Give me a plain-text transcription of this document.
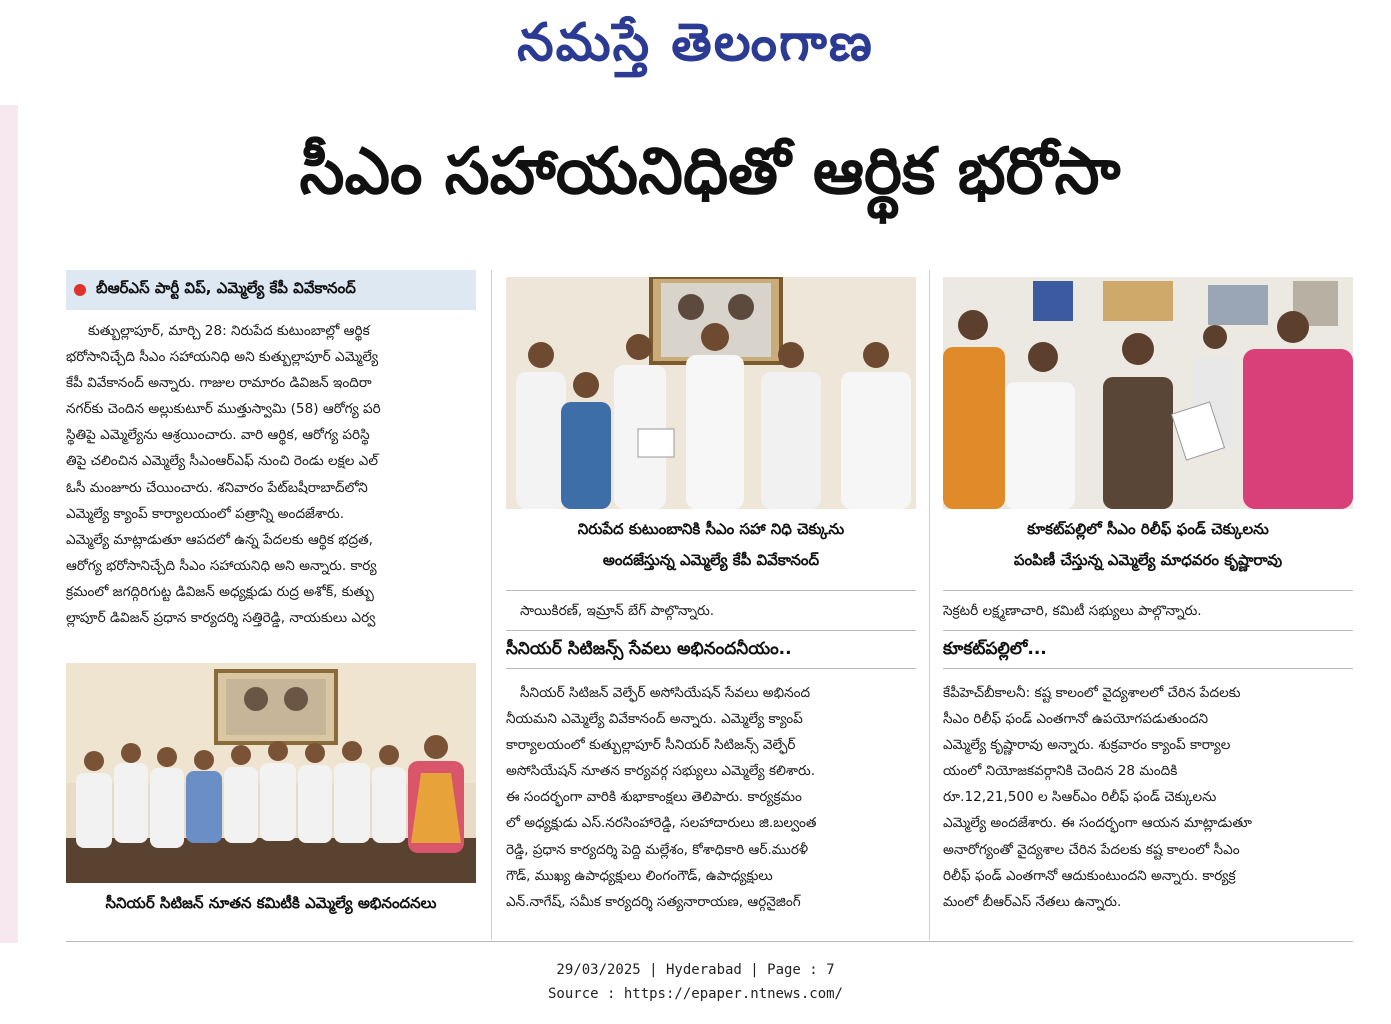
నమస్తే తెలంగాణ
సీఎం సహాయనిధితో ఆర్థిక భరోసా
బీఆర్ఎస్ పార్టీ విప్, ఎమ్మెల్యే కేపీ వివేకానంద్
కుత్బుల్లాపూర్, మార్చి 28: నిరుపేద కుటుంబాల్లో ఆర్థిక
భరోసానిచ్చేది సీఎం సహాయనిధి అని కుత్బుల్లాపూర్ ఎమ్మెల్యే
కేపీ వివేకానంద్ అన్నారు. గాజుల రామారం డివిజన్ ఇందిరా
నగర్‌కు చెందిన అల్లుకుటూర్ ముత్తుస్వామి (58) ఆరోగ్య పరి
స్థితిపై ఎమ్మెల్యేను ఆశ్రయించారు. వారి ఆర్థిక, ఆరోగ్య పరిస్థి
తిపై చలించిన ఎమ్మెల్యే సీఎంఆర్ఎఫ్ నుంచి రెండు లక్షల ఎల్
ఓసీ మంజూరు చేయించారు. శనివారం పేట్‌బషీరాబాద్‌లోని
ఎమ్మెల్యే క్యాంప్ కార్యాలయంలో పత్రాన్ని అందజేశారు.
ఎమ్మెల్యే మాట్లాడుతూ ఆపదలో ఉన్న పేదలకు ఆర్థిక భద్రత,
ఆరోగ్య భరోసానిచ్చేది సీఎం సహాయనిధి అని అన్నారు. కార్య
క్రమంలో జగద్గిరిగుట్ట డివిజన్ అధ్యక్షుడు రుద్ర అశోక్, కుత్బు
ల్లాపూర్ డివిజన్ ప్రధాన కార్యదర్శి సత్తిరెడ్డి, నాయకులు ఎర్వ
సీనియర్ సిటిజన్ నూతన కమిటీకి ఎమ్మెల్యే అభినందనలు
నిరుపేద కుటుంబానికి సీఎం సహా నిధి చెక్కును
అందజేస్తున్న ఎమ్మెల్యే కేపీ వివేకానంద్
సాయికిరణ్, ఇమ్రాన్ బేగ్ పాల్గొన్నారు.
సీనియర్ సిటిజన్స్ సేవలు అభినందనీయం..
సీనియర్ సిటిజన్ వెల్ఫేర్ అసోసియేషన్ సేవలు అభినంద
నీయమని ఎమ్మెల్యే వివేకానంద్ అన్నారు. ఎమ్మెల్యే క్యాంప్
కార్యాలయంలో కుత్బుల్లాపూర్ సీనియర్ సిటిజన్స్ వెల్ఫేర్
అసోసియేషన్ నూతన కార్యవర్గ సభ్యులు ఎమ్మెల్యే కలిశారు.
ఈ సందర్భంగా వారికి శుభాకాంక్షలు తెలిపారు. కార్యక్రమం
లో అధ్యక్షుడు ఎస్.నరసింహారెడ్డి, సలహాదారులు జి.బల్వంత
రెడ్డి, ప్రధాన కార్యదర్శి పెద్ది మల్లేశం, కోశాధికారి ఆర్.మురళీ
గౌడ్, ముఖ్య ఉపాధ్యక్షులు లింగంగౌడ్, ఉపాధ్యక్షులు
ఎన్.నాగేష్, సమీక కార్యదర్శి సత్యనారాయణ, ఆర్గనైజింగ్
కూకట్‌పల్లిలో సీఎం రిలీఫ్ ఫండ్ చెక్కులను
పంపిణీ చేస్తున్న ఎమ్మెల్యే మాధవరం కృష్ణారావు
సెక్రటరీ లక్ష్మణాచారి, కమిటీ సభ్యులు పాల్గొన్నారు.
కూకట్‌పల్లిలో...
కేపీహెచ్‌బీకాలనీ: కష్ట కాలంలో వైద్యశాలలో చేరిన పేదలకు
సీఎం రిలీఫ్ ఫండ్ ఎంతగానో ఉపయోగపడుతుందని
ఎమ్మెల్యే కృష్ణారావు అన్నారు. శుక్రవారం క్యాంప్ కార్యాల
యంలో నియోజకవర్గానికి చెందిన 28 మందికి
రూ.12,21,500 ల సిఆర్ఎం రిలీఫ్ ఫండ్ చెక్కులను
ఎమ్మెల్యే అందజేశారు. ఈ సందర్భంగా ఆయన మాట్లాడుతూ
అనారోగ్యంతో వైద్యశాల చేరిన పేదలకు కష్ట కాలంలో సీఎం
రిలీఫ్ ఫండ్ ఎంతగానో ఆదుకుంటుందని అన్నారు. కార్యక్ర
మంలో బీఆర్ఎస్ నేతలు ఉన్నారు.
29/03/2025 | Hyderabad | Page : 7
Source : https://epaper.ntnews.com/
